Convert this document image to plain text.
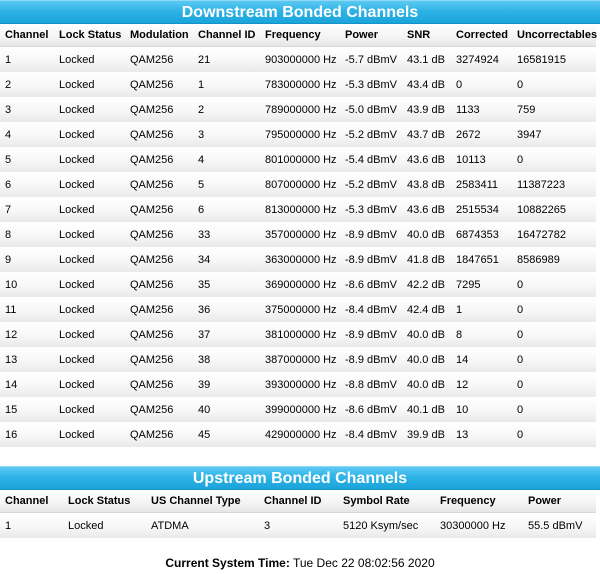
Downstream Bonded Channels
Channel	Lock Status	Modulation	Channel ID	Frequency	Power	SNR	Corrected	Uncorrectables
1	Locked	QAM256	21	903000000 Hz	-5.7 dBmV	43.1 dB	3274924	16581915
2	Locked	QAM256	1	783000000 Hz	-5.3 dBmV	43.4 dB	0	0
3	Locked	QAM256	2	789000000 Hz	-5.0 dBmV	43.9 dB	1133	759
4	Locked	QAM256	3	795000000 Hz	-5.2 dBmV	43.7 dB	2672	3947
5	Locked	QAM256	4	801000000 Hz	-5.4 dBmV	43.6 dB	10113	0
6	Locked	QAM256	5	807000000 Hz	-5.2 dBmV	43.8 dB	2583411	11387223
7	Locked	QAM256	6	813000000 Hz	-5.3 dBmV	43.6 dB	2515534	10882265
8	Locked	QAM256	33	357000000 Hz	-8.9 dBmV	40.0 dB	6874353	16472782
9	Locked	QAM256	34	363000000 Hz	-8.9 dBmV	41.8 dB	1847651	8586989
10	Locked	QAM256	35	369000000 Hz	-8.6 dBmV	42.2 dB	7295	0
11	Locked	QAM256	36	375000000 Hz	-8.4 dBmV	42.4 dB	1	0
12	Locked	QAM256	37	381000000 Hz	-8.9 dBmV	40.0 dB	8	0
13	Locked	QAM256	38	387000000 Hz	-8.9 dBmV	40.0 dB	14	0
14	Locked	QAM256	39	393000000 Hz	-8.8 dBmV	40.0 dB	12	0
15	Locked	QAM256	40	399000000 Hz	-8.6 dBmV	40.1 dB	10	0
16	Locked	QAM256	45	429000000 Hz	-8.4 dBmV	39.9 dB	13	0
Upstream Bonded Channels
Channel	Lock Status	US Channel Type	Channel ID	Symbol Rate	Frequency	Power
1	Locked	ATDMA	3	5120 Ksym/sec	30300000 Hz	55.5 dBmV
Current System Time: Tue Dec 22 08:02:56 2020
